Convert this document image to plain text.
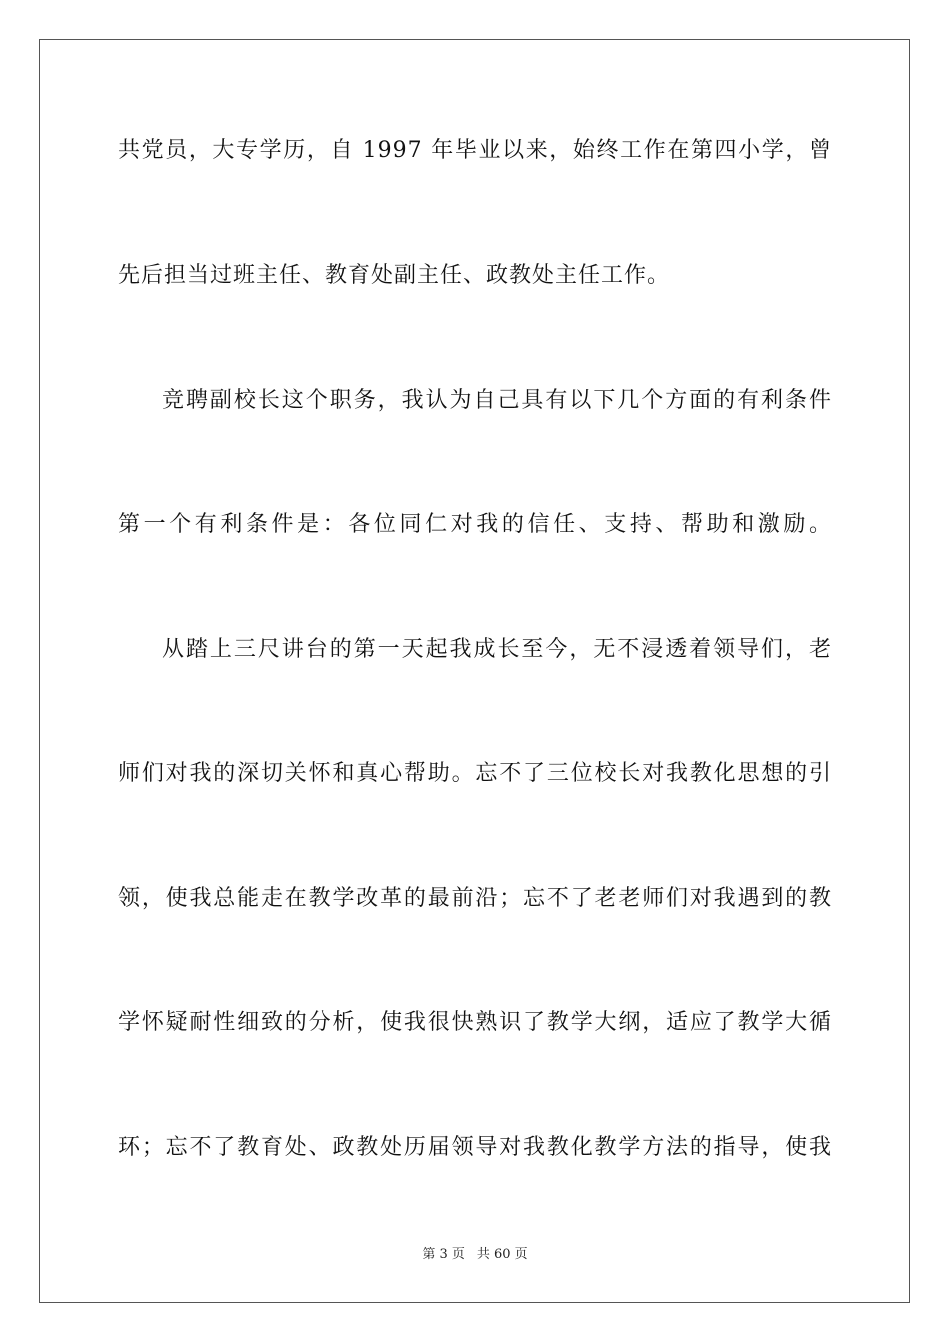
共党员，大专学历，自 1997 年毕业以来，始终工作在第四小学，曾
先后担当过班主任、教育处副主任、政教处主任工作。
竞聘副校长这个职务，我认为自己具有以下几个方面的有利条件
第一个有利条件是：各位同仁对我的信任、支持、帮助和激励。
从踏上三尺讲台的第一天起我成长至今，无不浸透着领导们，老
师们对我的深切关怀和真心帮助。忘不了三位校长对我教化思想的引
领，使我总能走在教学改革的最前沿；忘不了老老师们对我遇到的教
学怀疑耐性细致的分析，使我很快熟识了教学大纲，适应了教学大循
环；忘不了教育处、政教处历届领导对我教化教学方法的指导，使我
第 3 页 共 60 页
